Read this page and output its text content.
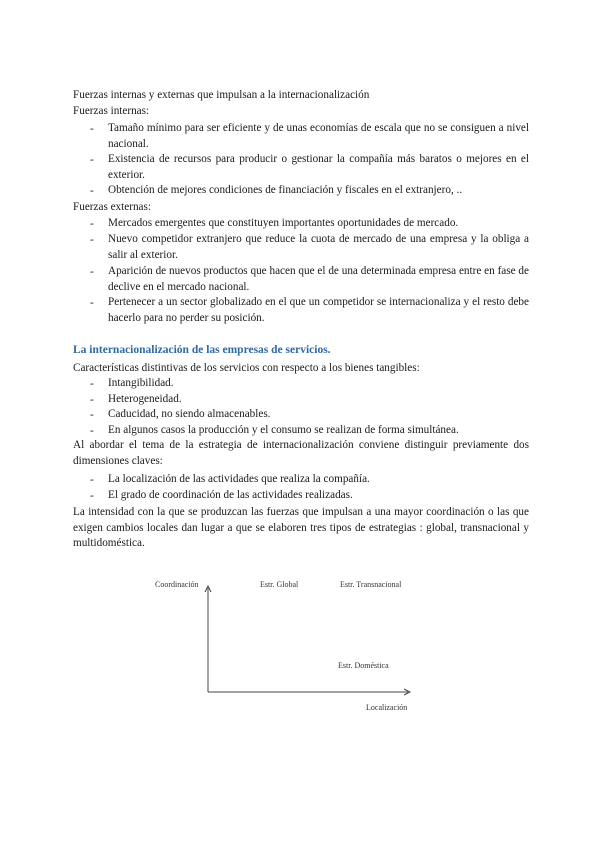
Fuerzas internas y externas que impulsan a la internacionalización
Fuerzas internas:
- Tamaño mínimo para ser eficiente y de unas economías de escala que no se consiguen a nivel nacional.
- Existencia de recursos para producir o gestionar la compañía más baratos o mejores en el exterior.
- Obtención de mejores condiciones de financiación y fiscales en el extranjero, ..
Fuerzas externas:
- Mercados emergentes que constituyen importantes oportunidades de mercado.
- Nuevo competidor extranjero que reduce la cuota de mercado de una empresa y la obliga a salir al exterior.
- Aparición de nuevos productos que hacen que el de una determinada empresa entre en fase de declive en el mercado nacional.
- Pertenecer a un sector globalizado en el que un competidor se internacionaliza y el resto debe hacerlo para no perder su posición.
La internacionalización de las empresas de servicios.
Características distintivas de los servicios con respecto a los bienes tangibles:
- Intangibilidad.
- Heterogeneidad.
- Caducidad, no siendo almacenables.
- En algunos casos la producción y el consumo se realizan de forma simultánea.
Al abordar el tema de la estrategia de internacionalización conviene distinguir previamente dos dimensiones claves:
- La localización de las actividades que realiza la compañía.
- El grado de coordinación de las actividades realizadas.
La intensidad con la que se produzcan las fuerzas que impulsan a una mayor coordinación o las que exigen cambios locales dan lugar a que se elaboren tres tipos de estrategias : global, transnacional y multidoméstica.
Coordinación	Estr. Global	Estr. Transnacional
Estr. Doméstica
Localización
